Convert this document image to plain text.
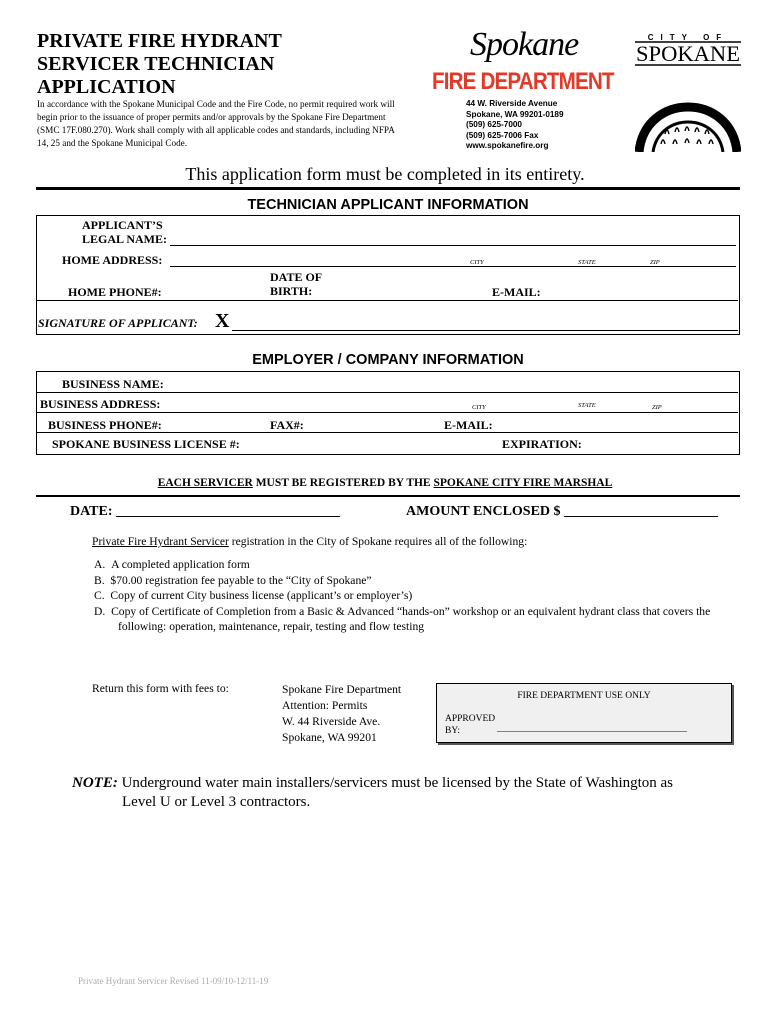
PRIVATE FIRE HYDRANT
SERVICER TECHNICIAN
APPLICATION
In accordance with the Spokane Municipal Code and the Fire Code, no permit required work will begin prior to the issuance of proper permits and/or approvals by the Spokane Fire Department (SMC 17F.080.270). Work shall comply with all applicable codes and standards, including NFPA 14, 25 and the Spokane Municipal Code.
Spokane
FIRE DEPARTMENT
44 W. Riverside Avenue
Spokane, WA 99201-0189
(509) 625-7000
(509) 625-7006 Fax
www.spokanefire.org
CITY OF
SPOKANE
This application form must be completed in its entirety.
TECHNICIAN APPLICANT INFORMATION
APPLICANT’S
LEGAL NAME:
HOME ADDRESS:	CITY	STATE	ZIP
HOME PHONE#:
DATE OF
BIRTH:	E-MAIL:
SIGNATURE OF APPLICANT: X
EMPLOYER / COMPANY INFORMATION
BUSINESS NAME:
BUSINESS ADDRESS:	CITY	STATE	ZIP
BUSINESS PHONE#:	FAX#:	E-MAIL:
SPOKANE BUSINESS LICENSE #:	EXPIRATION:
EACH SERVICER MUST BE REGISTERED BY THE SPOKANE CITY FIRE MARSHAL
DATE: ________________________________	AMOUNT ENCLOSED $ ______________________
Private Fire Hydrant Servicer registration in the City of Spokane requires all of the following:
A.  A completed application form
B.  $70.00 registration fee payable to the “City of Spokane”
C.  Copy of current City business license (applicant’s or employer’s)
D.  Copy of Certificate of Completion from a Basic & Advanced “hands-on” workshop or an equivalent hydrant class that covers the following: operation, maintenance, repair, testing and flow testing
Return this form with fees to:	Spokane Fire Department
Attention: Permits
W. 44 Riverside Ave.
Spokane, WA 99201
FIRE DEPARTMENT USE ONLY
APPROVED
BY:	________________________________________
NOTE: Underground water main installers/servicers must be licensed by the State of Washington as
Level U or Level 3 contractors.
Private Hydrant Servicer Revised 11-09/10-12/11-19
